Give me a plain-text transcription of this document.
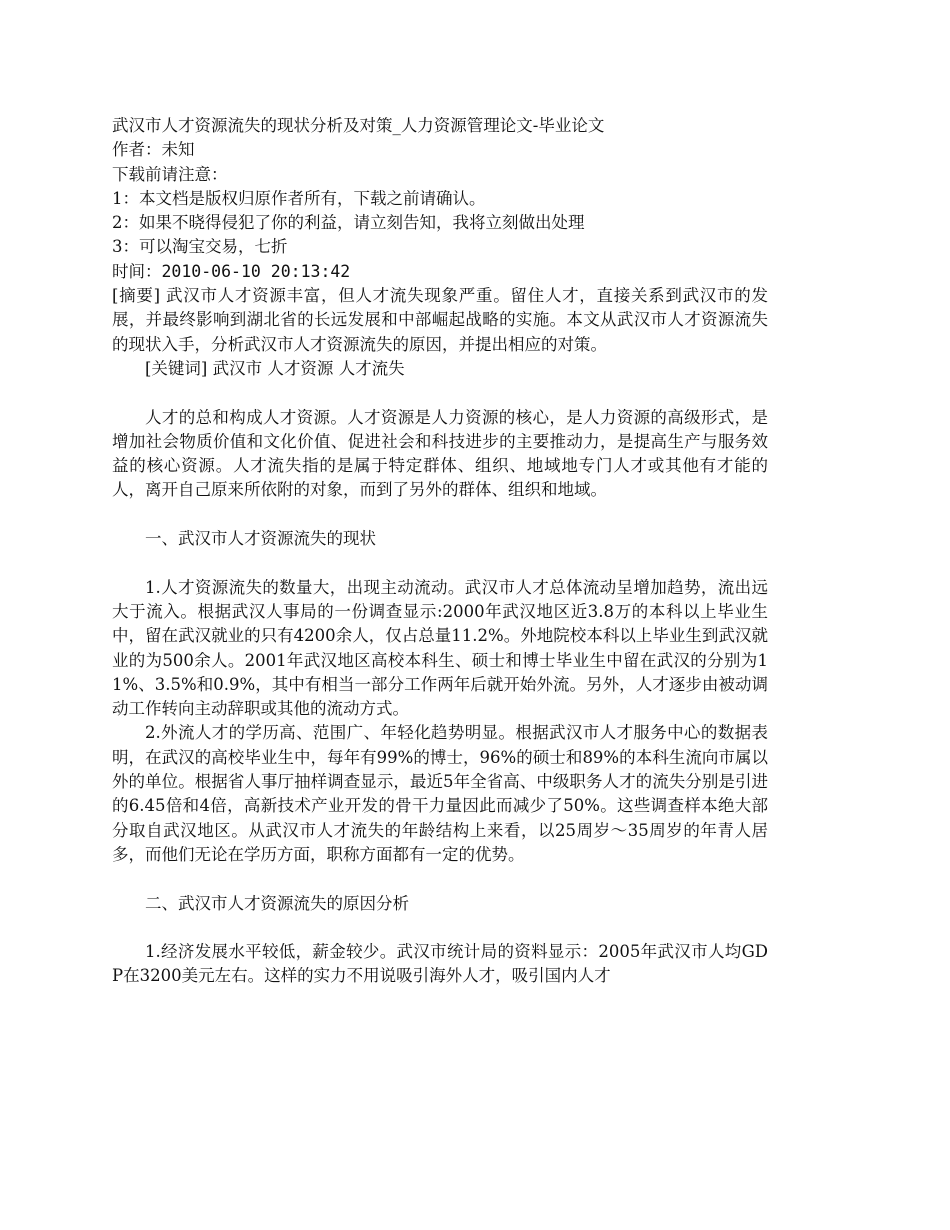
武汉市人才资源流失的现状分析及对策_人力资源管理论文-毕业论文
作者：未知
下载前请注意：
1：本文档是版权归原作者所有，下载之前请确认。
2：如果不晓得侵犯了你的利益，请立刻告知，我将立刻做出处理
3：可以淘宝交易，七折
时间：2010-06-10 20:13:42

[摘要] 武汉市人才资源丰富，但人才流失现象严重。留住人才，直接关系到武汉市的发展，并最终影响到湖北省的长远发展和中部崛起战略的实施。本文从武汉市人才资源流失的现状入手，分析武汉市人才资源流失的原因，并提出相应的对策。

[关键词] 武汉市 人才资源 人才流失

人才的总和构成人才资源。人才资源是人力资源的核心，是人力资源的高级形式，是增加社会物质价值和文化价值、促进社会和科技进步的主要推动力，是提高生产与服务效益的核心资源。人才流失指的是属于特定群体、组织、地域地专门人才或其他有才能的人，离开自己原来所依附的对象，而到了另外的群体、组织和地域。

一、武汉市人才资源流失的现状

1.人才资源流失的数量大，出现主动流动。武汉市人才总体流动呈增加趋势，流出远大于流入。根据武汉人事局的一份调查显示:2000年武汉地区近3.8万的本科以上毕业生中，留在武汉就业的只有4200余人，仅占总量11.2%。外地院校本科以上毕业生到武汉就业的为500余人。2001年武汉地区高校本科生、硕士和博士毕业生中留在武汉的分别为11%、3.5%和0.9%，其中有相当一部分工作两年后就开始外流。另外，人才逐步由被动调动工作转向主动辞职或其他的流动方式。

2.外流人才的学历高、范围广、年轻化趋势明显。根据武汉市人才服务中心的数据表明，在武汉的高校毕业生中，每年有99%的博士，96%的硕士和89%的本科生流向市属以外的单位。根据省人事厅抽样调查显示，最近5年全省高、中级职务人才的流失分别是引进的6.45倍和4倍，高新技术产业开发的骨干力量因此而减少了50%。这些调查样本绝大部分取自武汉地区。从武汉市人才流失的年龄结构上来看，以25周岁～35周岁的年青人居多，而他们无论在学历方面，职称方面都有一定的优势。

二、武汉市人才资源流失的原因分析

1.经济发展水平较低，薪金较少。武汉市统计局的资料显示：2005年武汉市人均GDP在3200美元左右。这样的实力不用说吸引海外人才，吸引国内人才
